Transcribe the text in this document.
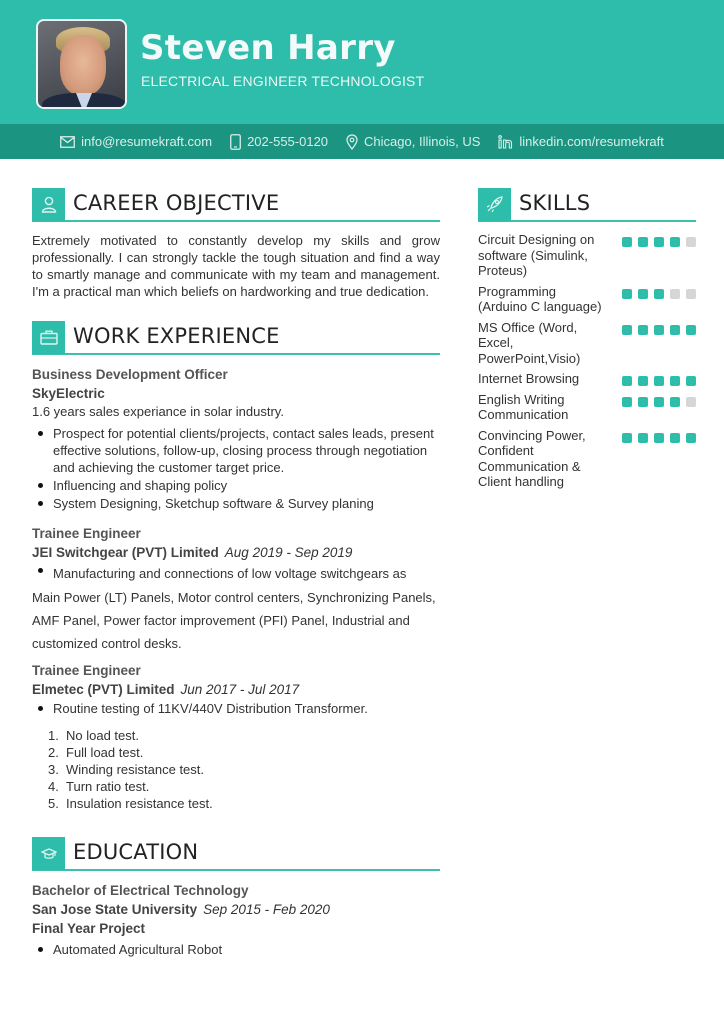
Steven Harry
ELECTRICAL ENGINEER TECHNOLOGIST
info@resumekraft.com	202-555-0120	Chicago, Illinois, US	linkedin.com/resumekraft
CAREER OBJECTIVE

Extremely motivated to constantly develop my skills and grow professionally. I can strongly tackle the tough situation and find a way to smartly manage and communicate with my team and management. I'm a practical man which beliefs on hardworking and true dedication.

WORK EXPERIENCE
Business Development Officer
SkyElectric
1.6 years sales experiance in solar industry.
Prospect for potential clients/projects, contact sales leads, present effective solutions, follow-up, closing process through negotiation and achieving the customer target price.
Influencing and shaping policy
System Designing, Sketchup software & Survey planing
Trainee Engineer
JEI Switchgear (PVT) Limited Aug 2019 - Sep 2019
Manufacturing and connections of low voltage switchgears as
Main Power (LT) Panels, Motor control centers, Synchronizing Panels,
AMF Panel, Power factor improvement (PFI) Panel, Industrial and
customized control desks.
Trainee Engineer
Elmetec (PVT) Limited Jun 2017 - Jul 2017
Routine testing of 11KV/440V Distribution Transformer.
1. No load test.
2. Full load test.
3. Winding resistance test.
4. Turn ratio test.
5. Insulation resistance test.
EDUCATION
Bachelor of Electrical Technology
San Jose State University Sep 2015 - Feb 2020
Final Year Project
Automated Agricultural Robot
SKILLS
Circuit Designing on software (Simulink, Proteus)
Programming (Arduino C language)
MS Office (Word, Excel, PowerPoint,Visio)
Internet Browsing
English Writing Communication
Convincing Power, Confident Communication & Client handling
